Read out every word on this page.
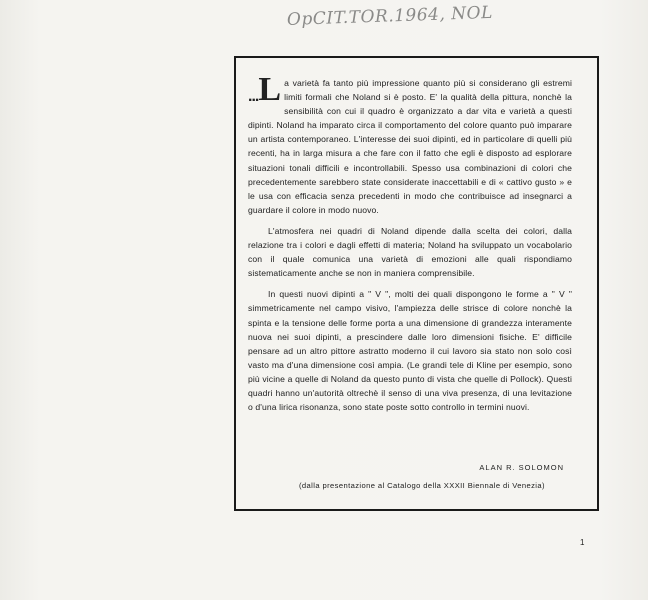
OpCIT.TOR.1964, NOL

...L a varietà fa tanto più impressione quanto più si considerano gli estremi limiti formali che Noland si è posto. E' la qualità della pittura, nonchè la sensibilità con cui il quadro è organizzato a dar vita e varietà a questi dipinti. Noland ha imparato circa il comportamento del colore quanto può imparare un artista contemporaneo. L'interesse dei suoi dipinti, ed in particolare di quelli più recenti, ha in larga misura a che fare con il fatto che egli è disposto ad esplorare situazioni tonali difficili e incontrollabili. Spesso usa combinazioni di colori che precedentemente sarebbero state considerate inaccettabili e di « cattivo gusto » e le usa con efficacia senza precedenti in modo che contribuisce ad insegnarci a guardare il colore in modo nuovo.

L'atmosfera nei quadri di Noland dipende dalla scelta dei colori, dalla relazione tra i colori e dagli effetti di materia; Noland ha sviluppato un vocabolario con il quale comunica una varietà di emozioni alle quali rispondiamo sistematicamente anche se non in maniera comprensibile.

In questi nuovi dipinti a " V ", molti dei quali dispongono le forme a " V " simmetricamente nel campo visivo, l'ampiezza delle strisce di colore nonchè la spinta e la tensione delle forme porta a una dimensione di grandezza interamente nuova nei suoi dipinti, a prescindere dalle loro dimensioni fisiche. E' difficile pensare ad un altro pittore astratto moderno il cui lavoro sia stato non solo così vasto ma d'una dimensione così ampia. (Le grandi tele di Kline per esempio, sono più vicine a quelle di Noland da questo punto di vista che quelle di Pollock). Questi quadri hanno un'autorità oltrechè il senso di una viva presenza, di una levitazione o d'una lirica risonanza, sono state poste sotto controllo in termini nuovi.

ALAN R. SOLOMON
(dalla presentazione al Catalogo della XXXII Biennale di Venezia)
1
